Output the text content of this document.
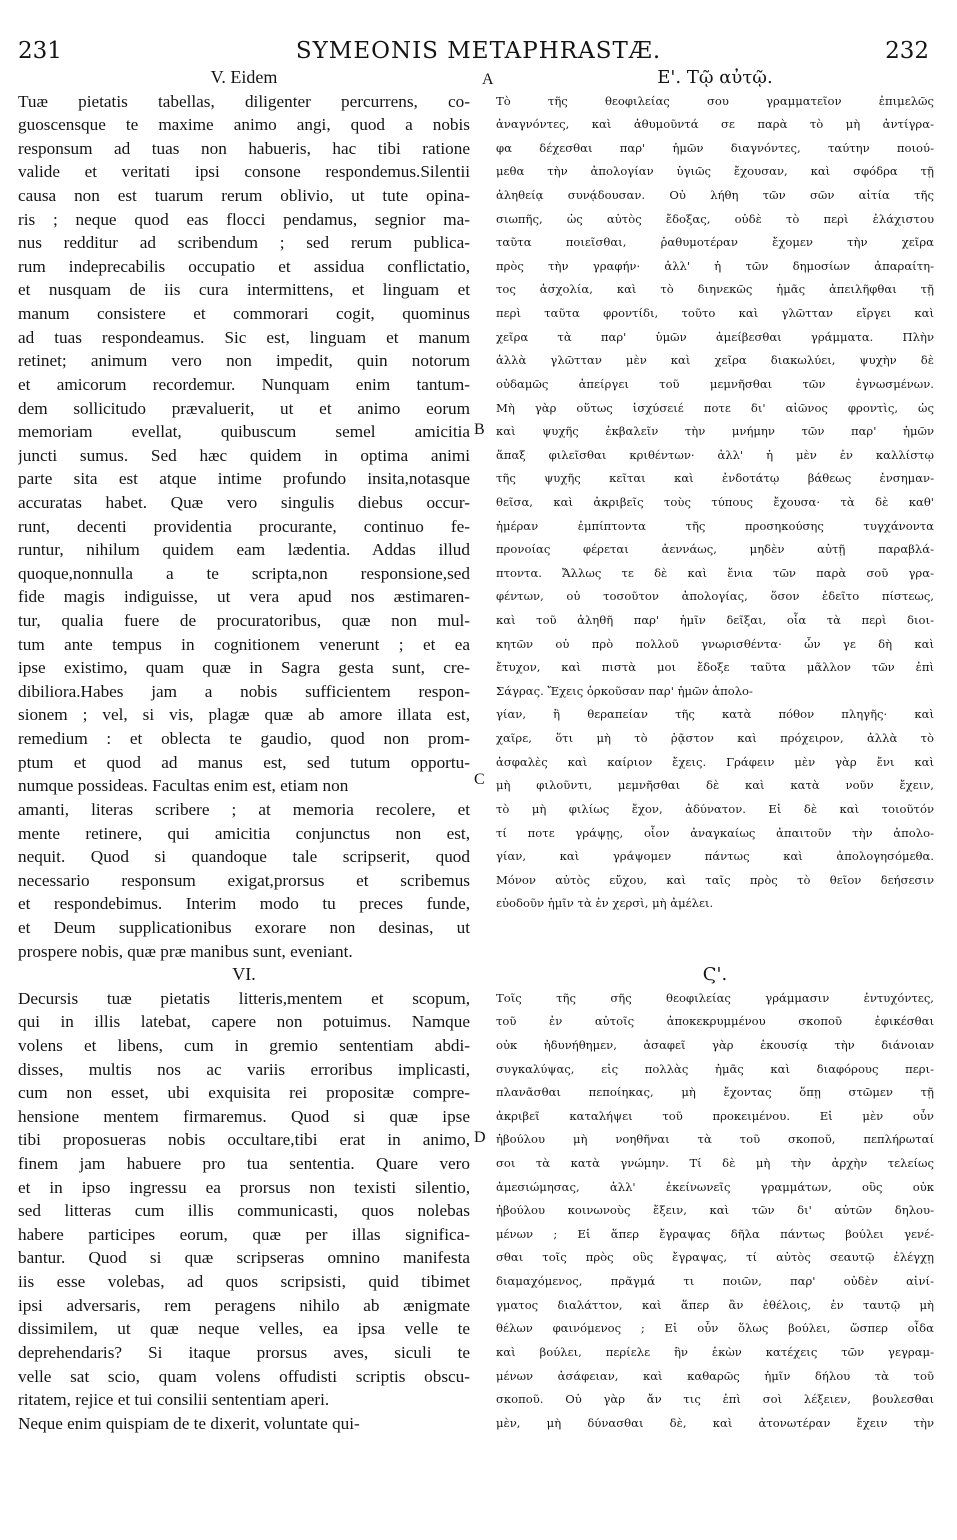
231	SYMEONIS METAPHRASTÆ.	232
A
B
C
D
V. Eidem
Tuæ pietatis tabellas, diligenter percurrens, co-
guoscensque te maxime animo angi, quod a nobis
responsum ad tuas non habueris, hac tibi ratione
valide et veritati ipsi consone respondemus.Silentii
causa non est tuarum rerum oblivio, ut tute opina-
ris ; neque quod eas flocci pendamus, segnior ma-
nus redditur ad scribendum ; sed rerum publica-
rum indeprecabilis occupatio et assidua conflictatio,
et nusquam de iis cura intermittens, et linguam et
manum consistere et commorari cogit, quominus
ad tuas respondeamus. Sic est, linguam et manum
retinet; animum vero non impedit, quin notorum
et amicorum recordemur. Nunquam enim tantum-
dem sollicitudo prævaluerit, ut et animo eorum
memoriam evellat, quibuscum semel amicitia
juncti sumus. Sed hæc quidem in optima animi
parte sita est atque intime profundo insita,notasque
accuratas habet. Quæ vero singulis diebus occur-
runt, decenti providentia procurante, continuo fe-
runtur, nihilum quidem eam lædentia. Addas illud
quoque,nonnulla a te scripta,non responsione,sed
fide magis indiguisse, ut vera apud nos æstimaren-
tur, qualia fuere de procuratoribus, quæ non mul-
tum ante tempus in cognitionem venerunt ; et ea
ipse existimo, quam quæ in Sagra gesta sunt, cre-
dibiliora.Habes jam a nobis sufficientem respon-
sionem ; vel, si vis, plagæ quæ ab amore illata est,
remedium : et oblecta te gaudio, quod non prom-
ptum et quod ad manus est, sed tutum opportu-
numque possideas. Facultas enim est, etiam non
amanti, literas scribere ; at memoria recolere, et
mente retinere, qui amicitia conjunctus non est,
nequit. Quod si quandoque tale scripserit, quod
necessario responsum exigat,prorsus et scribemus
et respondebimus. Interim modo tu preces funde,
et Deum supplicationibus exorare non desinas, ut
prospere nobis, quæ præ manibus sunt, eveniant.
VI.
Decursis tuæ pietatis litteris,mentem et scopum,
qui in illis latebat, capere non potuimus. Namque
volens et libens, cum in gremio sententiam abdi-
disses, multis nos ac variis erroribus implicasti,
cum non esset, ubi exquisita rei propositæ compre-
hensione mentem firmaremus. Quod si quæ ipse
tibi proposueras nobis occultare,tibi erat in animo,
finem jam habuere pro tua sententia. Quare vero
et in ipso ingressu ea prorsus non texisti silentio,
sed litteras cum illis communicasti, quos nolebas
habere participes eorum, quæ per illas significa-
bantur. Quod si quæ scripseras omnino manifesta
iis esse volebas, ad quos scripsisti, quid tibimet
ipsi adversaris, rem peragens nihilo ab ænigmate
dissimilem, ut quæ neque velles, ea ipsa velle te
deprehendaris? Si itaque prorsus aves, siculi te
velle sat scio, quam volens offudisti scriptis obscu-
ritatem, rejice et tui consilii sententiam aperi.
Neque enim quispiam de te dixerit, voluntate qui-
Ε'. Τῷ αὐτῷ.
Τὸ τῆς θεοφιλείας σου γραμματεῖον ἐπιμελῶς
ἀναγνόντες, καὶ ἀθυμοῦντά σε παρὰ τὸ μὴ ἀντίγρα-
φα δέχεσθαι παρ' ἡμῶν διαγνόντες, ταύτην ποιού-
μεθα τὴν ἀπολογίαν ὑγιῶς ἔχουσαν, καὶ σφόδρα τῇ
ἀληθείᾳ συνᾴδουσαν. Οὐ λήθη τῶν σῶν αἰτία τῆς
σιωπῆς, ὡς αὐτὸς ἔδοξας, οὐδὲ τὸ περὶ ἐλάχιστου
ταῦτα ποιεῖσθαι, ῥαθυμοτέραν ἔχομεν τὴν χεῖρα
πρὸς τὴν γραφήν· ἀλλ' ἡ τῶν δημοσίων ἀπαραίτη-
τος ἀσχολία, καὶ τὸ διηνεκῶς ἡμᾶς ἀπειλῆφθαι τῇ
περὶ ταῦτα φροντίδι, τοῦτο καὶ γλῶτταν εἴργει καὶ
χεῖρα τὰ παρ' ὑμῶν ἀμείβεσθαι γράμματα. Πλὴν
ἀλλὰ γλῶτταν μὲν καὶ χεῖρα διακωλύει, ψυχὴν δὲ
οὐδαμῶς ἀπείργει τοῦ μεμνῆσθαι τῶν ἐγνωσμένων.
Μὴ γὰρ οὕτως ἰσχύσειέ ποτε δι' αἰῶνος φροντὶς, ὡς
καὶ ψυχῆς ἐκβαλεῖν τὴν μνήμην τῶν παρ' ἡμῶν
ἅπαξ φιλεῖσθαι κριθέντων· ἀλλ' ἡ μὲν ἐν καλλίστῳ
τῆς ψυχῆς κεῖται καὶ ἐνδοτάτῳ βάθεως ἐνσημαν-
θεῖσα, καὶ ἀκριβεῖς τοὺς τύπους ἔχουσα· τὰ δὲ καθ'
ἡμέραν ἐμπίπτοντα τῆς προσηκούσης τυγχάνοντα
προνοίας φέρεται ἀεννάως, μηδὲν αὐτῇ παραβλά-
πτοντα. Ἄλλως τε δὲ καὶ ἔνια τῶν παρὰ σοῦ γρα-
φέντων, οὐ τοσοῦτον ἀπολογίας, ὅσον ἐδεῖτο πίστεως,
καὶ τοῦ ἀληθῆ παρ' ἡμῖν δεῖξαι, οἷα τὰ περὶ διοι-
κητῶν οὐ πρὸ πολλοῦ γνωρισθέντα· ὧν γε δὴ καὶ
ἔτυχον, καὶ πιστὰ μοι ἔδοξε ταῦτα μᾶλλον τῶν ἐπὶ
Σάγρας. Ἔχεις ὁρκοῦσαν παρ' ἡμῶν ἀπολο-
γίαν, ἢ θεραπείαν τῆς κατὰ πόθον πληγῆς· καὶ
χαῖρε, ὅτι μὴ τὸ ῥᾷστον καὶ πρόχειρον, ἀλλὰ τὸ
ἀσφαλὲς καὶ καίριον ἔχεις. Γράφειν μὲν γὰρ ἔνι καὶ
μὴ φιλοῦντι, μεμνῆσθαι δὲ καὶ κατὰ νοῦν ἔχειν,
τὸ μὴ φιλίως ἔχον, ἀδύνατον. Εἰ δὲ καὶ τοιοῦτόν
τί ποτε γράψῃς, οἷον ἀναγκαίως ἀπαιτοῦν τὴν ἀπολο-
γίαν, καὶ γράψομεν πάντως καὶ ἀπολογησόμεθα.
Μόνον αὐτὸς εὔχου, καὶ ταῖς πρὸς τὸ θεῖον δεήσεσιν
εὐοδοῦν ἡμῖν τὰ ἐν χερσὶ, μὴ ἀμέλει.
Ϛ'.
Τοῖς τῆς σῆς θεοφιλείας γράμμασιν ἐντυχόντες,
τοῦ ἐν αὐτοῖς ἀποκεκρυμμένου σκοποῦ ἐφικέσθαι
οὐκ ἠδυνήθημεν, ἀσαφεῖ γὰρ ἑκουσίᾳ τὴν διάνοιαν
συγκαλύψας, εἰς πολλὰς ἡμᾶς καὶ διαφόρους περι-
πλανᾶσθαι πεποίηκας, μὴ ἔχοντας ὅπῃ στῶμεν τῇ
ἀκριβεῖ καταλήψει τοῦ προκειμένου. Εἰ μὲν οὖν
ἠβούλου μὴ νοηθῆναι τὰ τοῦ σκοποῦ, πεπλήρωταί
σοι τὰ κατὰ γνώμην. Τί δὲ μὴ τὴν ἀρχὴν τελείως
ἀμεσιώμησας, ἀλλ' ἐκείνωνεῖς γραμμάτων, οὓς οὐκ
ἠβούλου κοινωνοὺς ἔξειν, καὶ τῶν δι' αὐτῶν δηλου-
μένων ; Εἰ ἅπερ ἔγραψας δῆλα πάντως βούλει γενέ-
σθαι τοῖς πρὸς οὓς ἔγραψας, τί αὐτὸς σεαυτῷ ἐλέγχῃ
διαμαχόμενος, πρᾶγμά τι ποιῶν, παρ' οὐδὲν αἰνί-
γματος διαλάττον, καὶ ἅπερ ἂν ἐθέλοις, ἐν ταυτῷ μὴ
θέλων φαινόμενος ; Εἰ οὖν ὅλως βούλει, ὥσπερ οἶδα
καὶ βούλει, περίελε ἣν ἑκὼν κατέχεις τῶν γεγραμ-
μένων ἀσάφειαν, καὶ καθαρῶς ἡμῖν δήλου τὰ τοῦ
σκοποῦ. Οὐ γὰρ ἄν τις ἐπὶ σοὶ λέξειεν, βουλεσθαι
μὲν, μὴ δύνασθαι δὲ, καὶ ἀτονωτέραν ἔχειν τὴν
